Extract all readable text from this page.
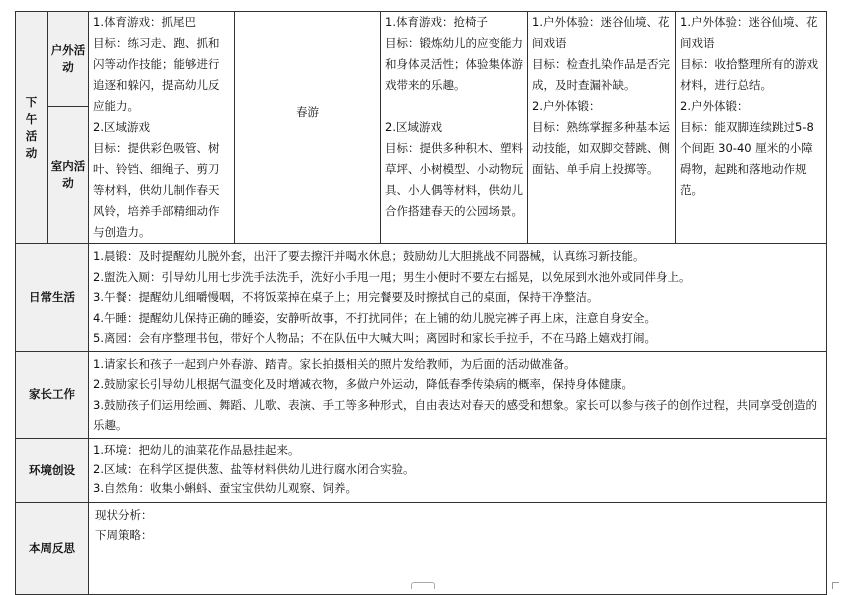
下午活动	户外活动	1.体育游戏：抓尾巴
目标：练习走、跑、抓和闪等动作技能；能够进行追逐和躲闪，提高幼儿反应能力。
2.区域游戏
目标：提供彩色吸管、树叶、铃铛、细绳子、剪刀等材料，供幼儿制作春天风铃，培养手部精细动作与创造力。	春游	1.体育游戏：抢椅子
目标：锻炼幼儿的应变能力和身体灵活性；体验集体游戏带来的乐趣。
2.区域游戏
目标：提供多种积木、塑料草坪、小树模型、小动物玩具、小人偶等材料，供幼儿合作搭建春天的公园场景。	1.户外体验：迷谷仙境、花间戏语
目标：检查扎染作品是否完成，及时查漏补缺。
2.户外体锻：
目标：熟练掌握多种基本运动技能，如双脚交替跳、侧面钻、单手肩上投掷等。	1.户外体验：迷谷仙境、花间戏语
目标：收拾整理所有的游戏材料，进行总结。
2.户外体锻：
目标：能双脚连续跳过5-8个间距 30-40 厘米的小障碍物，起跳和落地动作规范。

	室内活动					
日常生活		1.晨锻：及时提醒幼儿脱外套，出汗了要去擦汗并喝水休息；鼓励幼儿大胆挑战不同器械，认真练习新技能。
2.盥洗入厕：引导幼儿用七步洗手法洗手，洗好小手甩一甩；男生小便时不要左右摇晃，以免尿到水池外或同伴身上。
3.午餐：提醒幼儿细嚼慢咽，不将饭菜掉在桌子上；用完餐要及时擦拭自己的桌面，保持干净整洁。
4.午睡：提醒幼儿保持正确的睡姿，安静听故事，不打扰同伴；在上铺的幼儿脱完裤子再上床，注意自身安全。
5.离园：会有序整理书包，带好个人物品；不在队伍中大喊大叫；离园时和家长手拉手，不在马路上嬉戏打闹。				

家长工作		1.请家长和孩子一起到户外春游、踏青。家长拍摄相关的照片发给教师，为后面的活动做准备。
2.鼓励家长引导幼儿根据气温变化及时增减衣物，多做户外运动，降低春季传染病的概率，保持身体健康。
3.鼓励孩子们运用绘画、舞蹈、儿歌、表演、手工等多种形式，自由表达对春天的感受和想象。家长可以参与孩子的创作过程，共同享受创造的乐趣。				

环境创设		1.环境：把幼儿的油菜花作品悬挂起来。
2.区域：在科学区提供葱、盐等材料供幼儿进行腐水闭合实验。
3.自然角：收集小蝌蚪、蚕宝宝供幼儿观察、饲养。				

本周反思		现状分析：
下周策略：				
